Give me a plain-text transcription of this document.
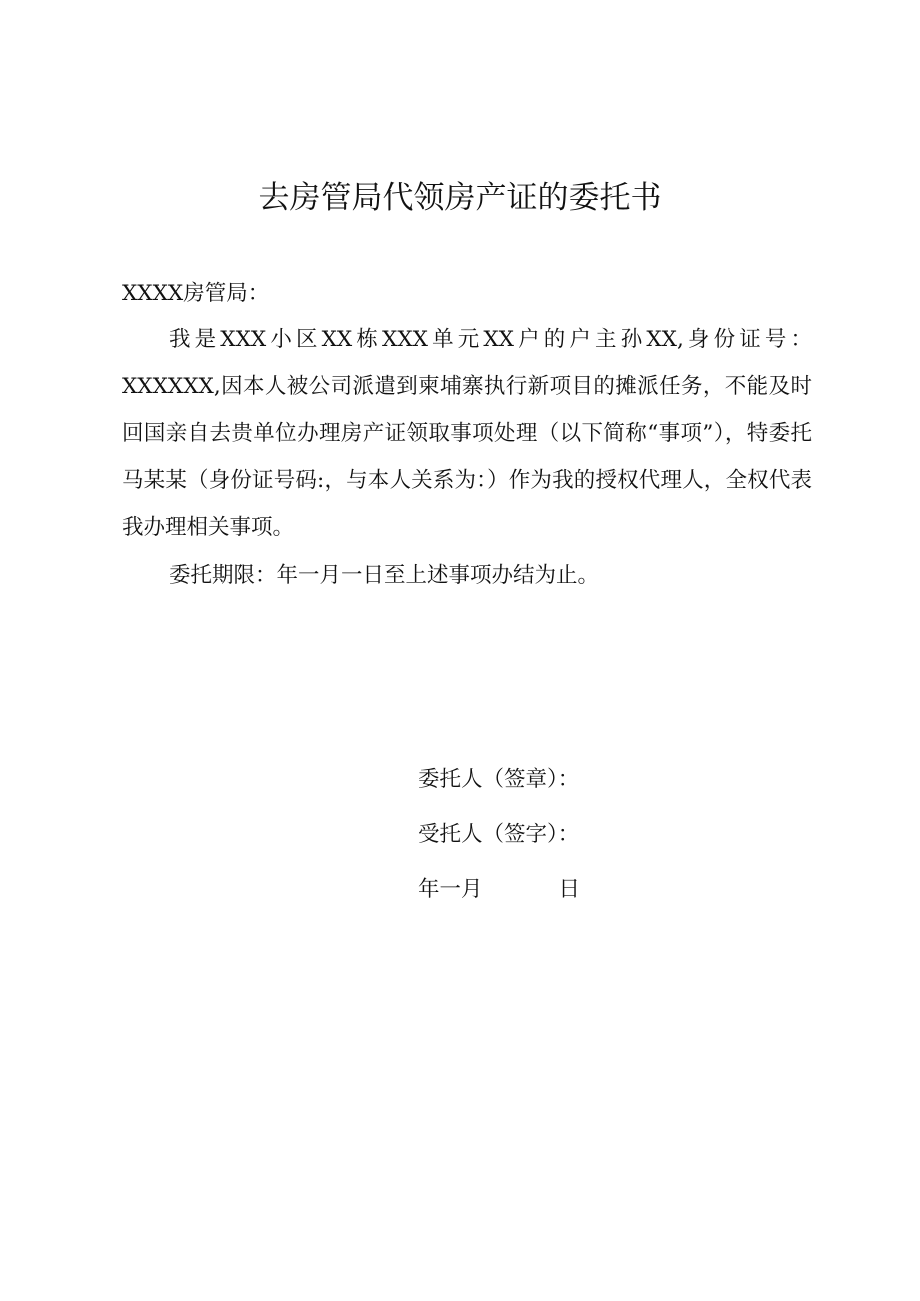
去房管局代领房产证的委托书

XXXX房管局：

我是XXX小区XX栋XXX单元XX户的户主孙XX,身份证号：XXXXXX,因本人被公司派遣到柬埔寨执行新项目的摊派任务，不能及时回国亲自去贵单位办理房产证领取事项处理（以下简称“事项”），特委托马某某（身份证号码:，与本人关系为：）作为我的授权代理人，全权代表我办理相关事项。

委托期限：年一月一日至上述事项办结为止。

委托人（签章）：
受托人（签字）：
年一月	日
